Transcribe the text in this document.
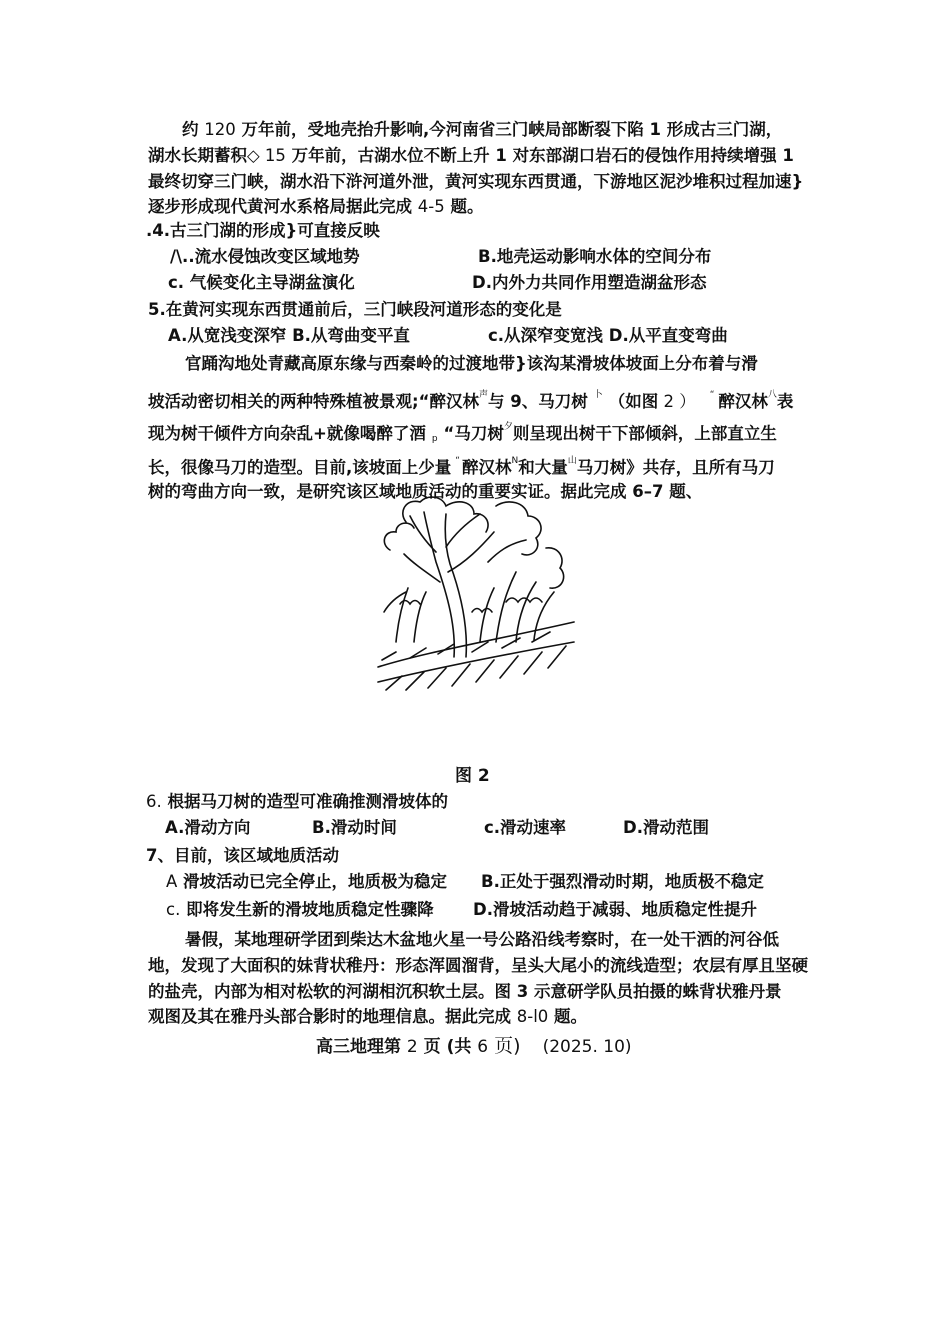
约 120 万年前，受地壳抬升影响,今河南省三门峡局部断裂下陷 1 形成古三门湖，
湖水长期蓄积◇ 15 万年前，古湖水位不断上升 1 对东部湖口岩石的侵蚀作用持续增强 1
最终切穿三门峡，湖水沿下浒河道外泄，黄河实现东西贯通，下游地区泥沙堆积过程加速}
逐步形成现代黄河水系格局据此完成 4-5 题。
.4.古三门湖的形成}可直接反映
/\..流水侵蚀改变区域地势	B.地壳运动影响水体的空间分布
c. 气候变化主导湖盆演化	D.内外力共同作用塑造湖盆形态
5.在黄河实现东西贯通前后，三门峡段河道形态的变化是
A.从宽浅变深窄 B.从弯曲变平直	c.从深窄变宽浅 D.从平直变弯曲
官踊沟地处青藏高原东缘与西秦岭的过渡地带}该沟某滑坡体坡面上分布着与滑
坡活动密切相关的两种特殊植被景观;“醉汉林$^声$与 9、马刀树 $^卜$ （如图 2 ） “ 醉汉林$^八$表
现为树干倾件方向杂乱+就像喝醉了酒 $_p$ “马刀树$^夕$则呈现出树干下部倾斜，上部直立生
长，很像马刀的造型。目前,该坡面上少量 “ 醉汉林$^N$和大量$^山$马刀树》共存，且所有马刀
树的弯曲方向一致，是研究该区域地质活动的重要实证。据此完成 6–7 题、
图 2
6. 根据马刀树的造型可准确推测滑坡体的
A.滑动方向	B.滑动时间	c.滑动速率	D.滑动范围
7、目前，该区域地质活动
A 滑坡活动已完全停止，地质极为稳定 B.正处于强烈滑动时期，地质极不稳定
c. 即将发生新的滑坡地质稳定性骤降 D.滑坡活动趋于减弱、地质稳定性提升
暑假，某地理研学团到柴达木盆地火星一号公路沿线考察时，在一处干洒的河谷低
地，发现了大面积的妹背状稚丹：形态浑圆溜背，呈头大尾小的流线造型；农层有厚且坚硬
的盐壳，内部为相对松软的河湖相沉积软土层。图 3 示意研学队员拍摄的蛛背状雅丹景
观图及其在雅丹头部合影时的地理信息。据此完成 8-l0 题。
高三地理第 2 页 (共 6 页) (2025. 10)
